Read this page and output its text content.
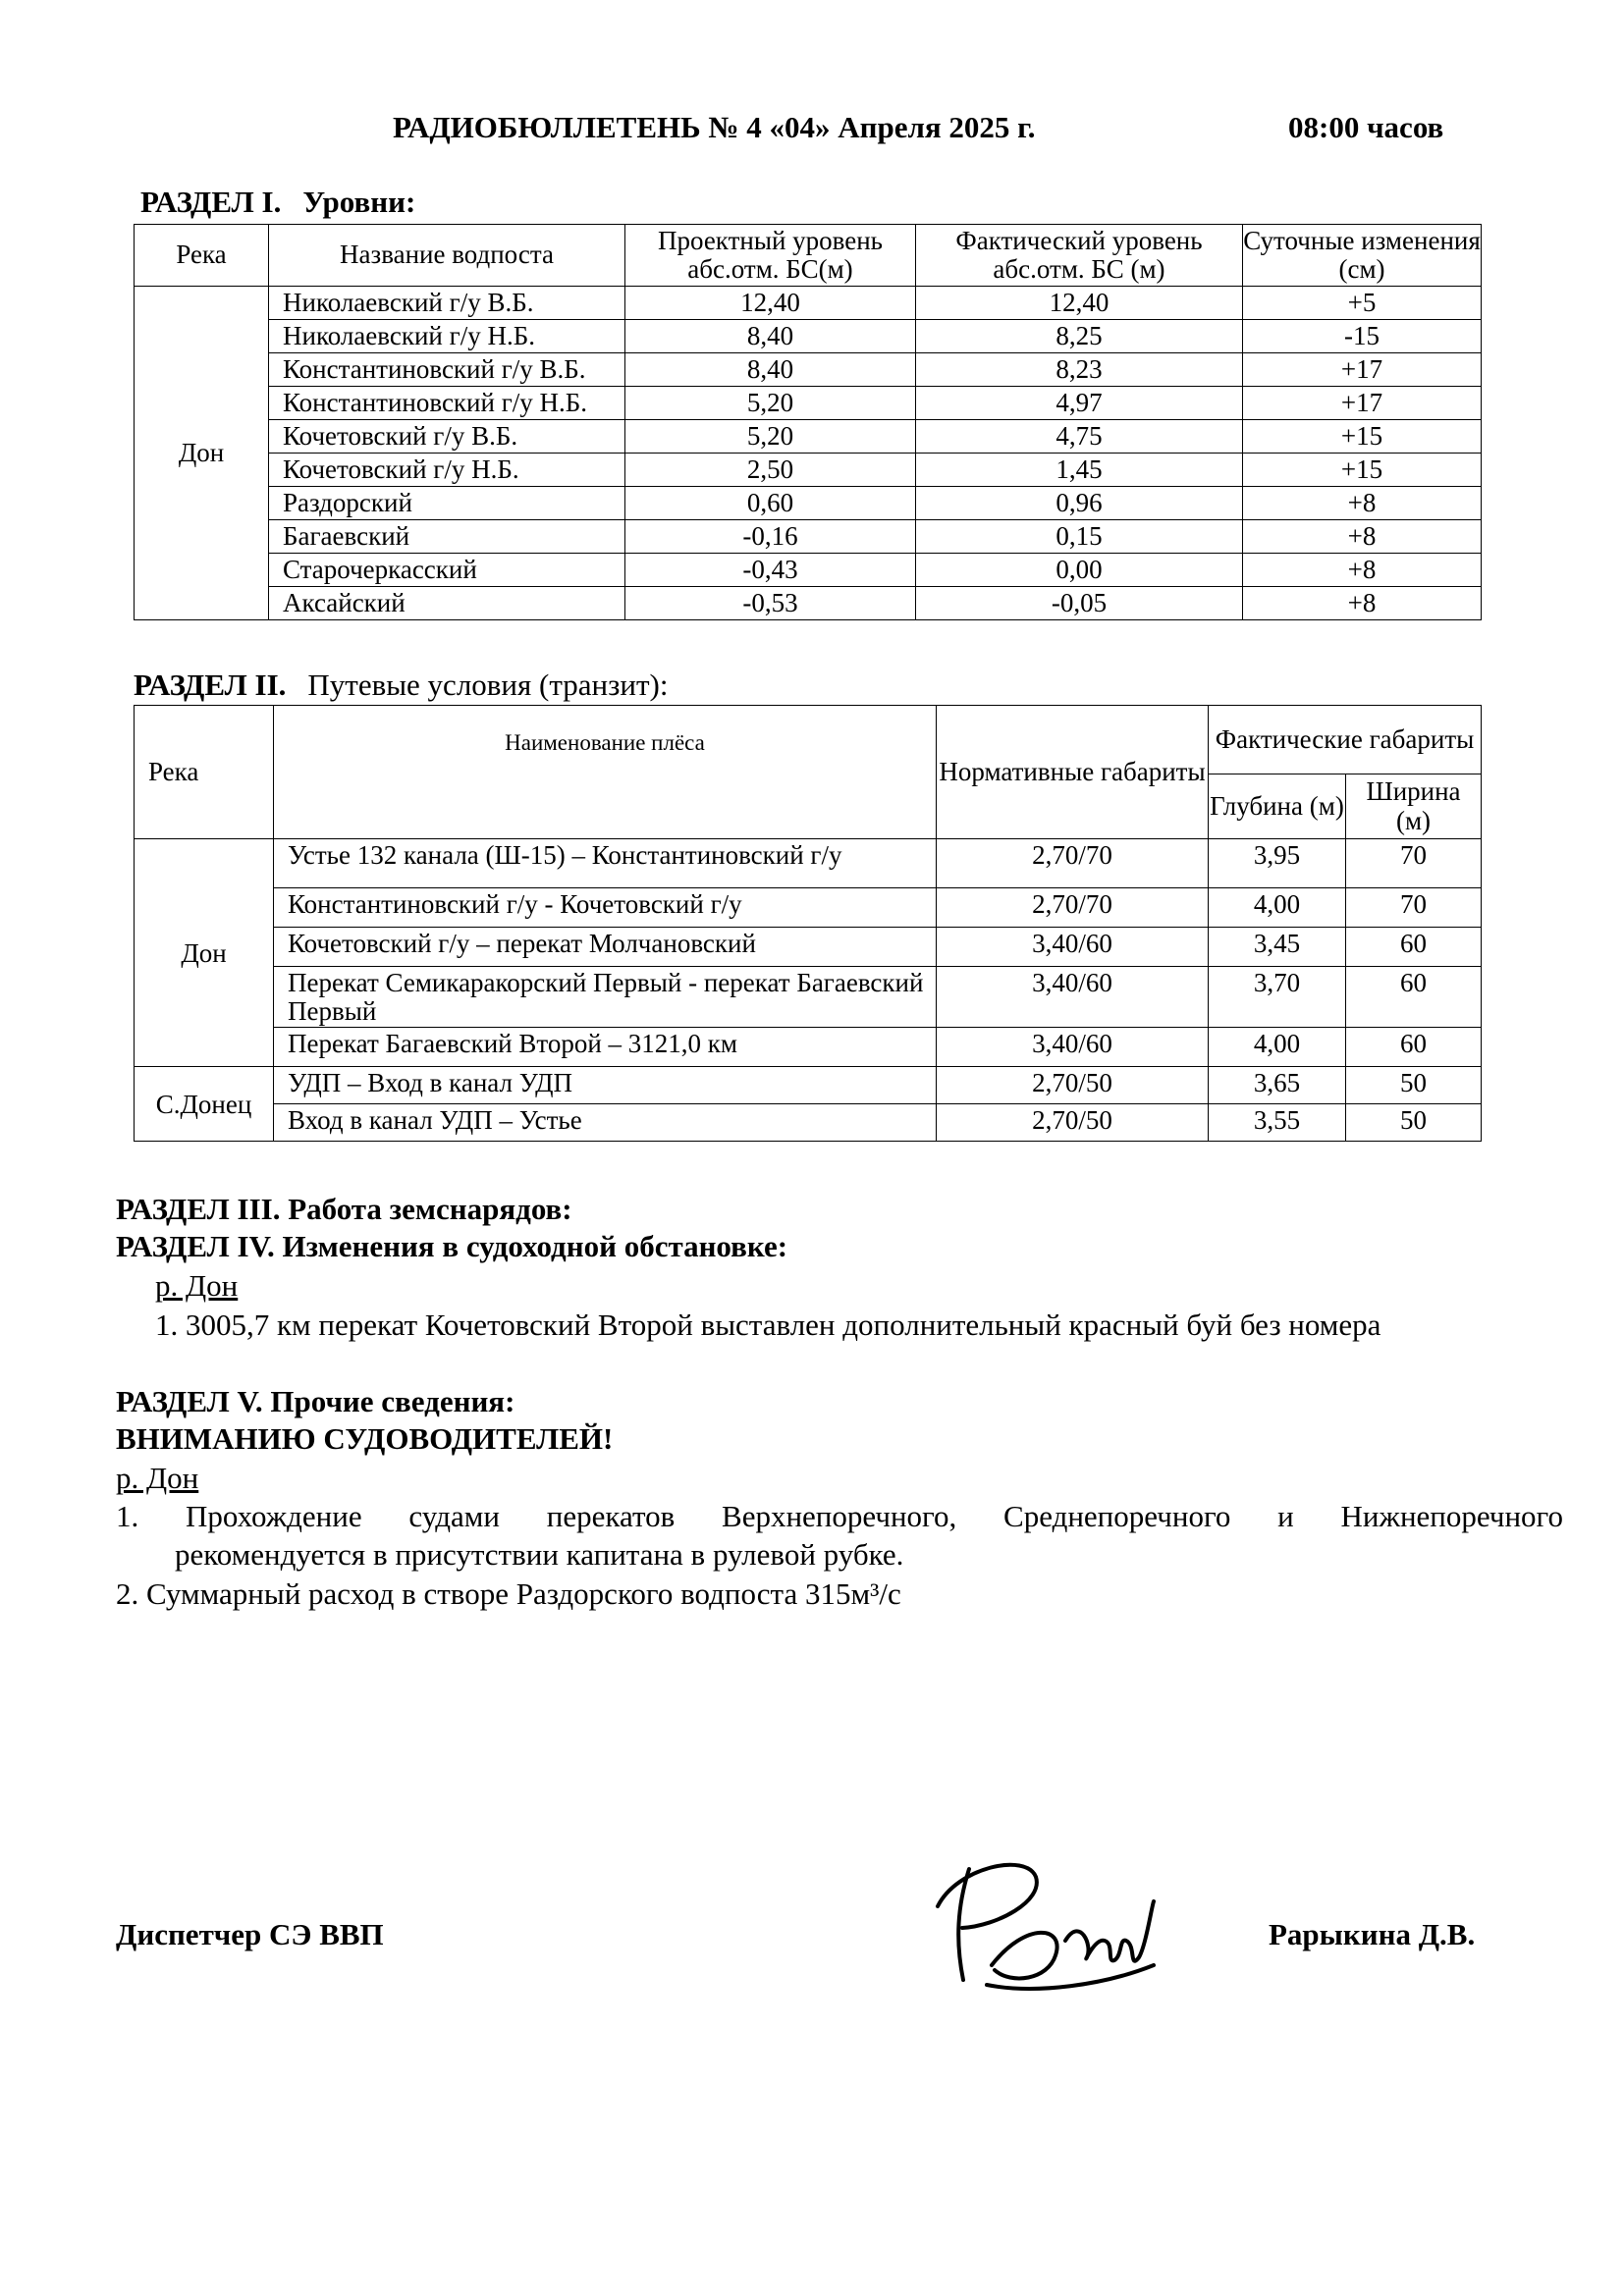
РАДИОБЮЛЛЕТЕНЬ № 4 «04» Апреля 2025 г.	08:00 часов
РАЗДЕЛ I. Уровни:
Река	Название водпоста	Проектный уровень абс.отм. БС(м)	Фактический уровень абс.отм. БС (м)	Суточные изменения (см)
Дон	Николаевский г/у В.Б.	12,40	12,40	+5
	Николаевский г/у Н.Б.	8,40	8,25	-15
	Константиновский г/у В.Б.	8,40	8,23	+17
	Константиновский г/у Н.Б.	5,20	4,97	+17
	Кочетовский г/у В.Б.	5,20	4,75	+15
	Кочетовский г/у Н.Б.	2,50	1,45	+15
	Раздорский	0,60	0,96	+8
	Багаевский	-0,16	0,15	+8
	Старочеркасский	-0,43	0,00	+8
	Аксайский	-0,53	-0,05	+8
РАЗДЕЛ II. Путевые условия (транзит):
Река	Наименование плёса	Нормативные габариты	Фактические габариты	
			Глубина (м)	Ширина (м)
Дон	Устье 132 канала (Ш-15) – Константиновский г/у	2,70/70	3,95	70
	Константиновский г/у - Кочетовский г/у	2,70/70	4,00	70
	Кочетовский г/у – перекат Молчановский	3,40/60	3,45	60
	Перекат Семикаракорский Первый - перекат Багаевский Первый	3,40/60	3,70	60
	Перекат Багаевский Второй – 3121,0 км	3,40/60	4,00	60
С.Донец	УДП – Вход в канал УДП	2,70/50	3,65	50
	Вход в канал УДП – Устье	2,70/50	3,55	50
РАЗДЕЛ III. Работа земснарядов:
РАЗДЕЛ IV. Изменения в судоходной обстановке:
р. Дон
1. 3005,7 км перекат Кочетовский Второй выставлен дополнительный красный буй без номера
РАЗДЕЛ V. Прочие сведения:
ВНИМАНИЮ СУДОВОДИТЕЛЕЙ!
р. Дон
1. Прохождение судами перекатов Верхнепоречного, Среднепоречного и Нижнепоречного
рекомендуется в присутствии капитана в рулевой рубке.
2. Суммарный расход в створе Раздорского водпоста 315м³/с
Диспетчер СЭ ВВП	Рарыкина Д.В.
